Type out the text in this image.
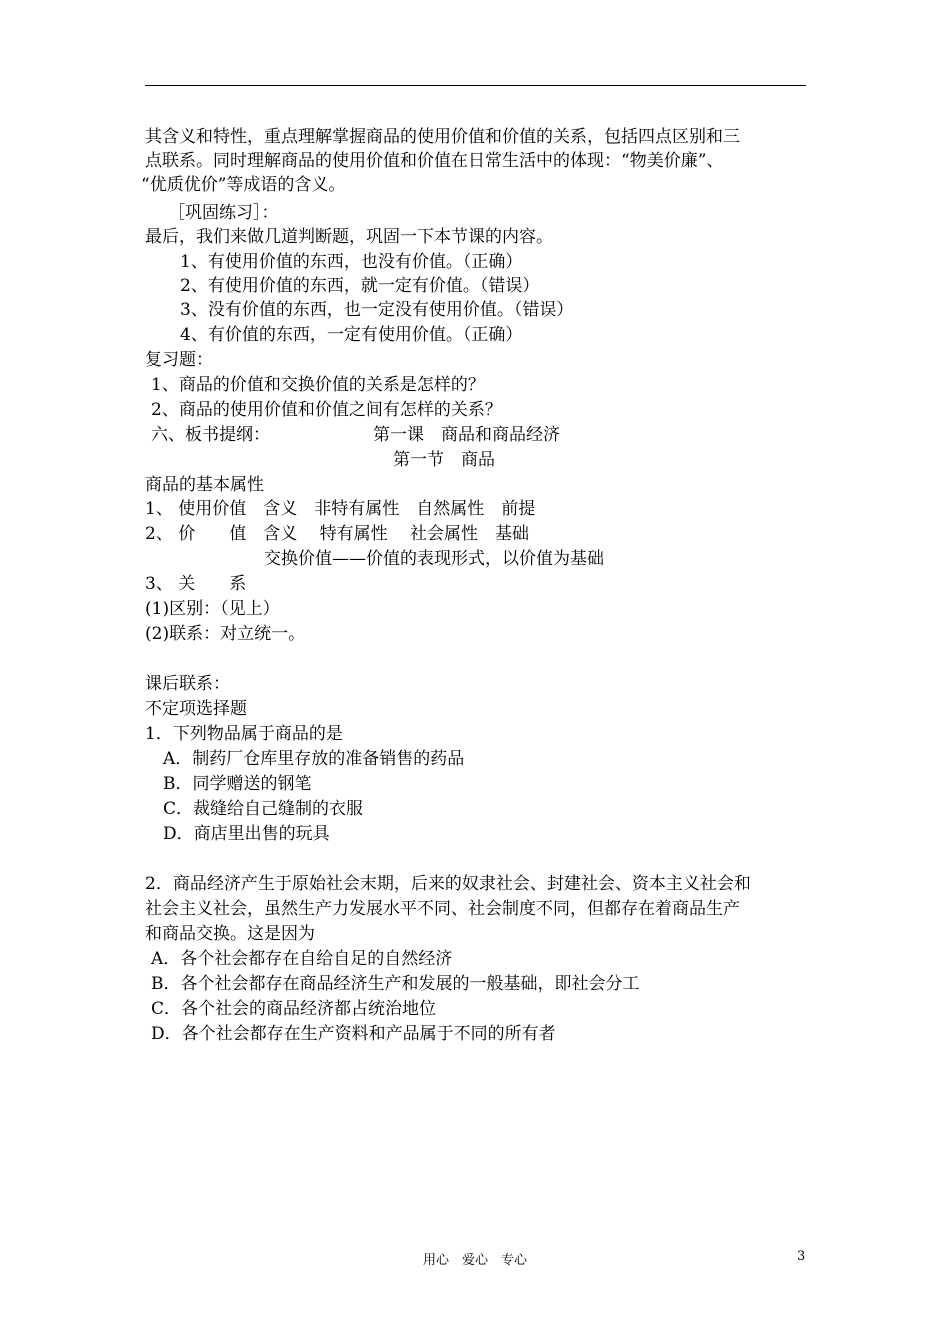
其含义和特性，重点理解掌握商品的使用价值和价值的关系，包括四点区别和三
点联系。同时理解商品的使用价值和价值在日常生活中的体现：“物美价廉”、
“优质优价”等成语的含义。
［巩固练习］：
最后，我们来做几道判断题，巩固一下本节课的内容。
1、有使用价值的东西，也没有价值。（正确）
2、有使用价值的东西，就一定有价值。（错误）
3、没有价值的东西，也一定没有使用价值。（错误）
4、有价值的东西，一定有使用价值。（正确）
复习题：
1、商品的价值和交换价值的关系是怎样的？
2、商品的使用价值和价值之间有怎样的关系？
六、板书提纲：	第一课　商品和商品经济
第一节　商品
商品的基本属性
1、 使用价值　含义　非特有属性　自然属性　前提
2、 价　　值　含义　 特有属性　 社会属性　基础
　　　　　　　交换价值——价值的表现形式，以价值为基础
3、 关　　系
(1)区别：（见上）
(2)联系：对立统一。
课后联系：
不定项选择题
1．下列物品属于商品的是
A．制药厂仓库里存放的准备销售的药品
B．同学赠送的钢笔
C．裁缝给自己缝制的衣服
D．商店里出售的玩具
2．商品经济产生于原始社会末期，后来的奴隶社会、封建社会、资本主义社会和
社会主义社会，虽然生产力发展水平不同、社会制度不同，但都存在着商品生产
和商品交换。这是因为
A．各个社会都存在自给自足的自然经济
B．各个社会都存在商品经济生产和发展的一般基础，即社会分工
C．各个社会的商品经济都占统治地位
D．各个社会都存在生产资料和产品属于不同的所有者
用心　爱心　专心	3
